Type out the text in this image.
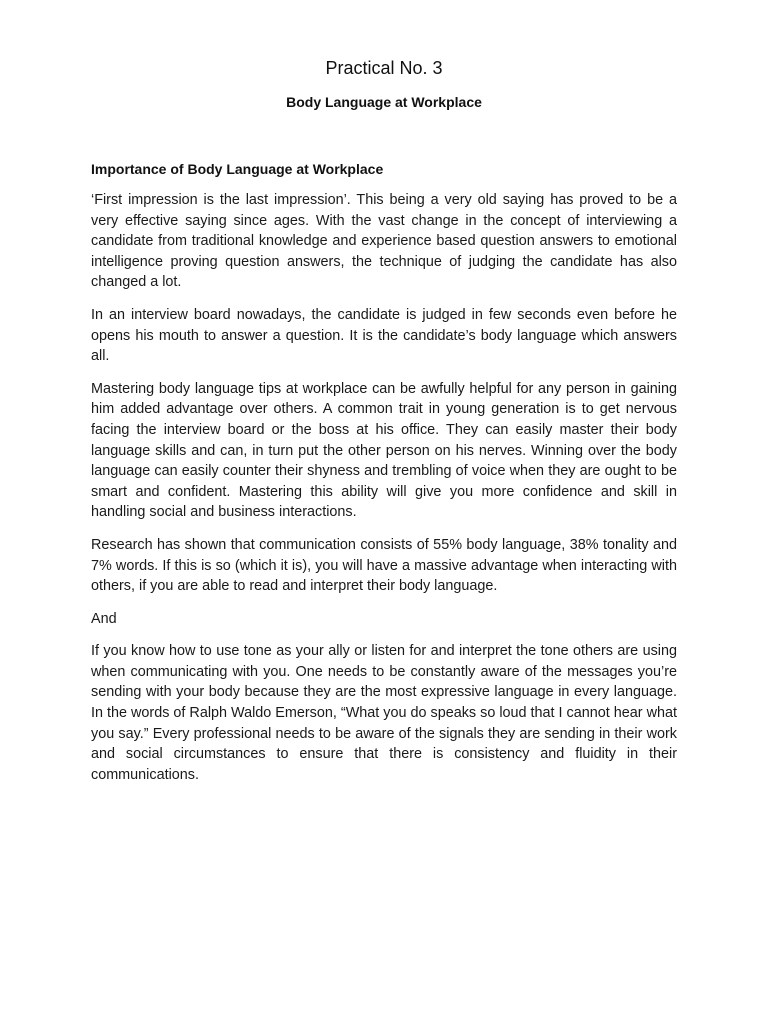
Practical No. 3
Body Language at Workplace
Importance of Body Language at Workplace

‘First impression is the last impression’. This being a very old saying has proved to be a very effective saying since ages. With the vast change in the concept of interviewing a candidate from traditional knowledge and experience based question answers to emotional intelligence proving question answers, the technique of judging the candidate has also changed a lot.

In an interview board nowadays, the candidate is judged in few seconds even before he opens his mouth to answer a question. It is the candidate’s body language which answers all.

Mastering body language tips at workplace can be awfully helpful for any person in gaining him added advantage over others. A common trait in young generation is to get nervous facing the interview board or the boss at his office. They can easily master their body language skills and can, in turn put the other person on his nerves. Winning over the body language can easily counter their shyness and trembling of voice when they are ought to be smart and confident. Mastering this ability will give you more confidence and skill in handling social and business interactions.

Research has shown that communication consists of 55% body language, 38% tonality and 7% words. If this is so (which it is), you will have a massive advantage when interacting with others, if you are able to read and interpret their body language.

And

If you know how to use tone as your ally or listen for and interpret the tone others are using when communicating with you. One needs to be constantly aware of the messages you’re sending with your body because they are the most expressive language in every language. In the words of Ralph Waldo Emerson, “What you do speaks so loud that I cannot hear what you say.” Every professional needs to be aware of the signals they are sending in their work and social circumstances to ensure that there is consistency and fluidity in their communications.
